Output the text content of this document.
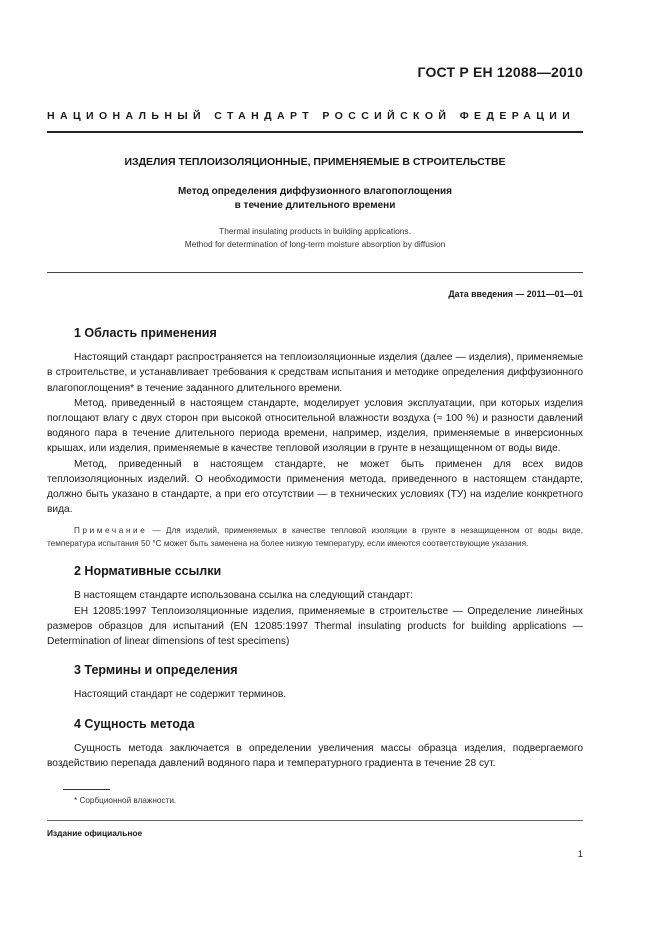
ГОСТ Р ЕН 12088—2010
НАЦИОНАЛЬНЫЙ СТАНДАРТ РОССИЙСКОЙ ФЕДЕРАЦИИ
ИЗДЕЛИЯ ТЕПЛОИЗОЛЯЦИОННЫЕ, ПРИМЕНЯЕМЫЕ В СТРОИТЕЛЬСТВЕ
Метод определения диффузионного влагопоглощения
в течение длительного времени
Thermal insulating products in building applications.
Method for determination of long-term moisture absorption by diffusion
Дата введения — 2011—01—01
1 Область применения

Настоящий стандарт распространяется на теплоизоляционные изделия (далее — изделия), применяемые в строительстве, и устанавливает требования к средствам испытания и методике определения диффузионного влагопоглощения* в течение заданного длительного времени.

Метод, приведенный в настоящем стандарте, моделирует условия эксплуатации, при которых изделия поглощают влагу с двух сторон при высокой относительной влажности воздуха (≈ 100 %) и разности давлений водяного пара в течение длительного периода времени, например, изделия, применяемые в инверсионных крышах, или изделия, применяемые в качестве тепловой изоляции в грунте в незащищенном от воды виде.

Метод, приведенный в настоящем стандарте, не может быть применен для всех видов теплоизоляционных изделий. О необходимости применения метода, приведенного в настоящем стандарте, должно быть указано в стандарте, а при его отсутствии — в технических условиях (ТУ) на изделие конкретного вида.

Примечание — Для изделий, применяемых в качестве тепловой изоляции в грунте в незащищенном от воды виде, температура испытания 50 °С может быть заменена на более низкую температуру, если имеются соответствующие указания.

2 Нормативные ссылки

В настоящем стандарте использована ссылка на следующий стандарт:

ЕН 12085:1997 Теплоизоляционные изделия, применяемые в строительстве — Определение линейных размеров образцов для испытаний (EN 12085:1997 Thermal insulating products for building applications — Determination of linear dimensions of test specimens)

3 Термины и определения

Настоящий стандарт не содержит терминов.

4 Сущность метода

Сущность метода заключается в определении увеличения массы образца изделия, подвергаемого воздействию перепада давлений водяного пара и температурного градиента в течение 28 сут.

* Сорбционной влажности.
Издание официальное
1
